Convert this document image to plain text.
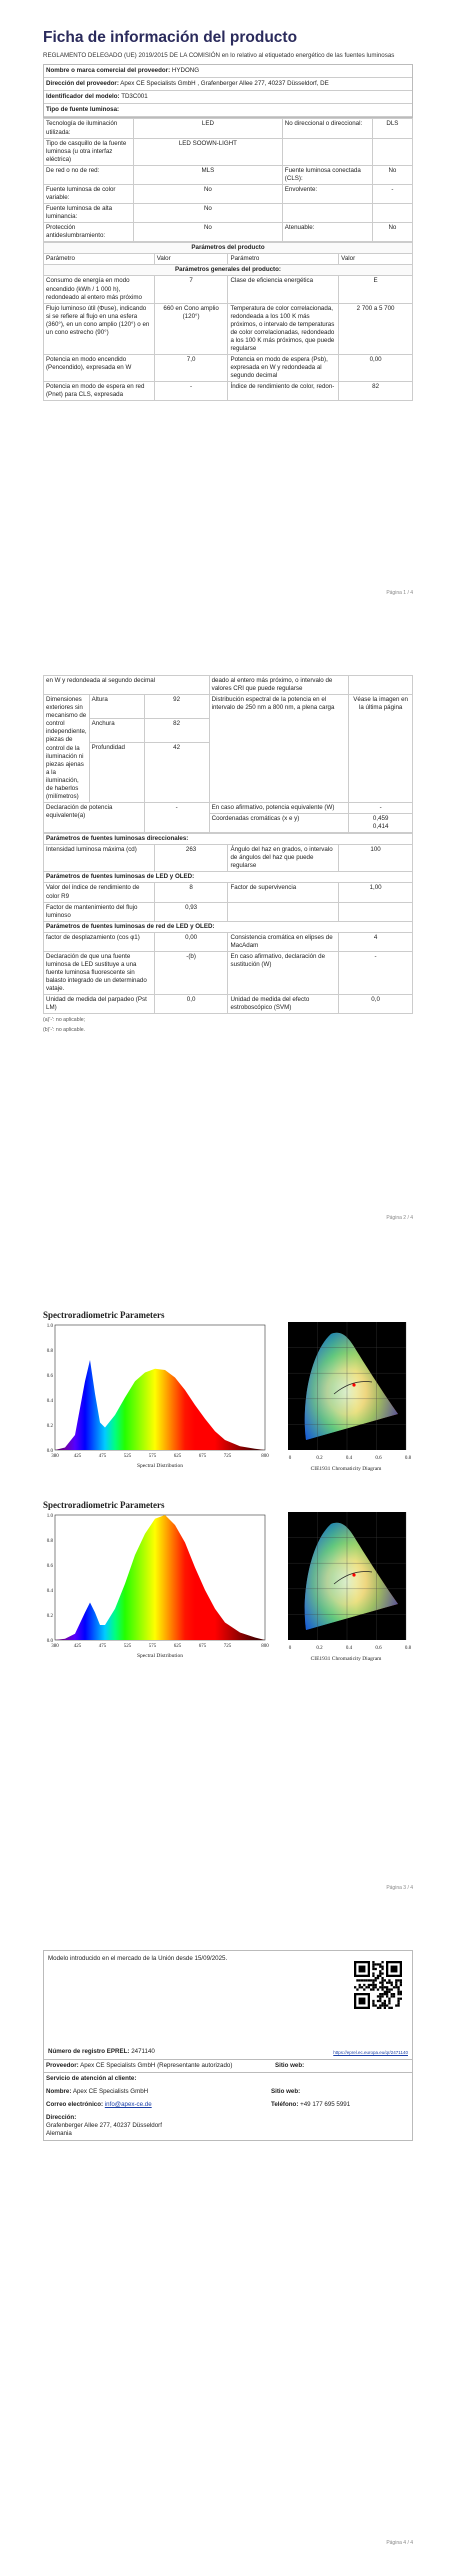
Ficha de información del producto
REGLAMENTO DELEGADO (UE) 2019/2015 DE LA COMISIÓN en lo relativo al etiquetado energético de las fuentes luminosas
Nombre o marca comercial del proveedor: HYDONG
Dirección del proveedor: Apex CE Specialists GmbH , Grafenberger Allee 277, 40237 Düsseldorf, DE
Identificador del modelo: TD3C001
Tipo de fuente luminosa:
Tecnología de iluminación utilizada:	LED	No direccional o direccional:	DLS
Tipo de casquillo de la fuente luminosa (u otra interfaz eléctrica)	LED SOOWN-LIGHT		
De red o no de red:	MLS	Fuente luminosa conectada (CLS):	No
Fuente luminosa de color variable:	No	Envolvente:	-
Fuente luminosa de alta luminancia:	No		
Protección antideslumbramiento:	No	Atenuable:	No
Parámetros del producto			
Parámetro	Valor	Parámetro	Valor
Parámetros generales del producto:			
Consumo de energía en modo encendido (kWh / 1 000 h), redondeado al entero más próximo	7	Clase de eficiencia energética	E
Flujo luminoso útil (Φuse), indicando si se refiere al flujo en una esfera (360°), en un cono amplio (120°) o en un cono estrecho (90°)	660 en Cono amplio (120°)	Temperatura de color correlacionada, redondeada a los 100 K más próximos, o intervalo de temperaturas de color correlacionadas, redondeado a los 100 K más próximos, que puede regularse	2 700 a 5 700
Potencia en modo encendido (Pencendido), expresada en W	7,0	Potencia en modo de espera (Psb), expresada en W y redondeada al segundo decimal	0,00
Potencia en modo de espera en red (Pnet) para CLS, expresada	-	Índice de rendimiento de color, redon-	82
Página 1 / 4
en W y redondeada al segundo decimal			deado al entero más próximo, o intervalo de valores CRI que puede regularse	
Dimensiones exteriores sin mecanismo de control independiente, piezas de control de la iluminación ni piezas ajenas a la iluminación, de haberlos (milímetros)	Altura	92	Distribución espectral de la potencia en el intervalo de 250 nm a 800 nm, a plena carga	Véase la imagen en la última página
	Anchura	82		
	Profundidad	42		
Declaración de potencia equivalente(a)		-	En caso afirmativo, potencia equivalente (W)	-
			Coordenadas cromáticas (x e y)	0,459
0,414
Parámetros de fuentes luminosas direccionales:			
Intensidad luminosa máxima (cd)	263	Ángulo del haz en grados, o intervalo de ángulos del haz que puede regularse	100
Parámetros de fuentes luminosas de LED y OLED:			
Valor del índice de rendimiento de color R9	8	Factor de supervivencia	1,00
Factor de mantenimiento del flujo luminoso	0,93		
Parámetros de fuentes luminosas de red de LED y OLED:			
factor de desplazamiento (cos φ1)	0,00	Consistencia cromática en elipses de MacAdam	4
Declaración de que una fuente luminosa de LED sustituye a una fuente luminosa fluorescente sin balasto integrado de un determinado vataje.	-(b)	En caso afirmativo, declaración de sustitución (W)	-
Unidad de medida del parpadeo (Pst LM)	0,0	Unidad de medida del efecto estroboscópico (SVM)	0,0
(a)'-': no aplicable;
(b)'-': no aplicable.
Página 2 / 4
Spectroradiometric Parameters
0.0
0.2
0.4
0.6
0.8
1.0
380	425	475	525	575	625	675	725	800
Spectral Distribution
0	0.2	0.4	0.6	0.8
CIE1931 Chromaticity Diagram
Spectroradiometric Parameters
0.0
0.2
0.4
0.6
0.8
1.0
380	425	475	525	575	625	675	725	800
Spectral Distribution
0	0.2	0.4	0.6	0.8
CIE1931 Chromaticity Diagram
Página 3 / 4
Modelo introducido en el mercado de la Unión desde 15/09/2025.
Número de registro EPREL: 2471140	https://eprel.ec.europa.eu/qr/2471140
Proveedor: Apex CE Specialists GmbH (Representante autorizado)	Sitio web:
Servicio de atención al cliente:
Nombre: Apex CE Specialists GmbH	Sitio web:
Correo electrónico: info@apex-ce.de	Teléfono: +49 177 695 5991
Dirección:
Grafenberger Allee 277, 40237 Düsseldorf
Alemania
Página 4 / 4
